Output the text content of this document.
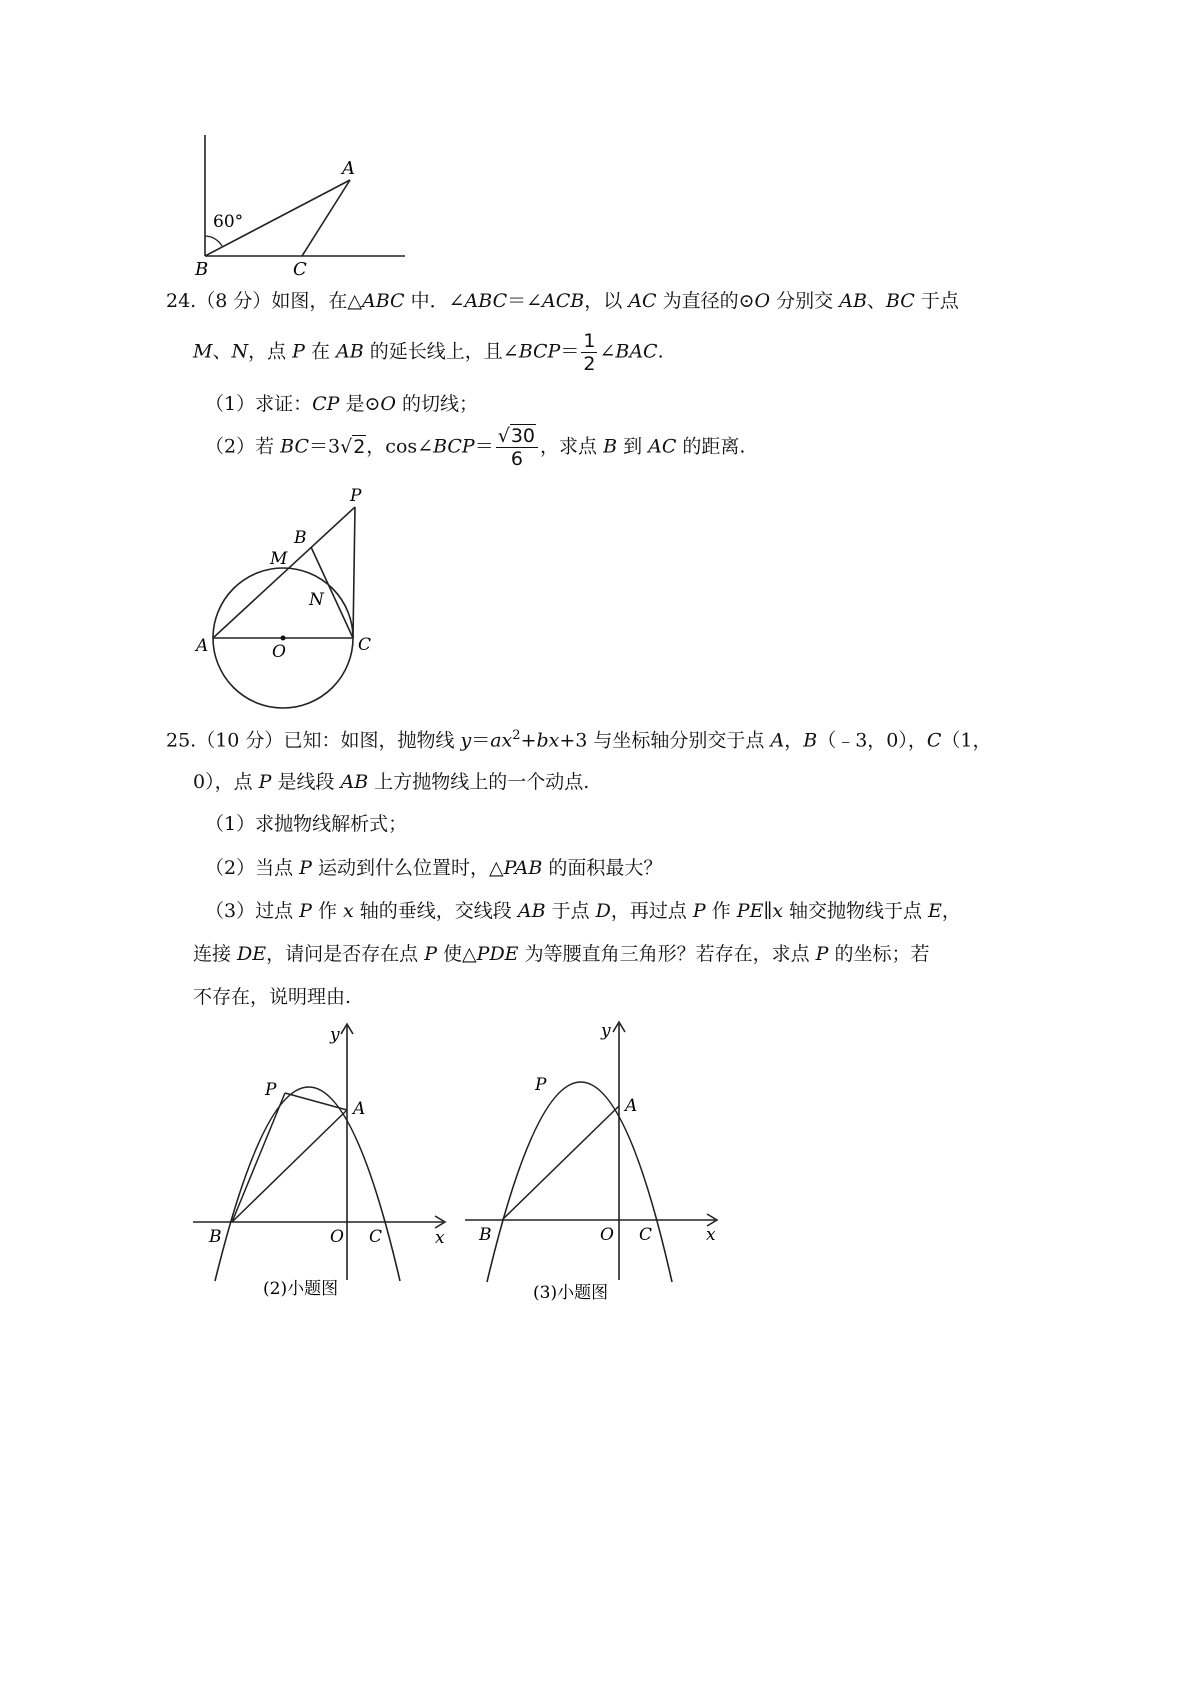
60°
A
B	C
24.（8 分）如图，在△ABC 中．∠ABC＝∠ACB，以 AC 为直径的⊙O 分别交 AB、BC 于点
M、N，点 P 在 AB 的延长线上，且∠BCP＝ $\frac{1}{2}$ ∠BAC.
（1）求证：CP 是⊙O 的切线；
（2）若 BC＝3√2，cos∠BCP＝ $\frac{√30}{6}$ ，求点 B 到 AC 的距离.
P
B
M
N
A	O	C
25.（10 分）已知：如图，抛物线 $y=ax^2+bx+3$ 与坐标轴分别交于点 A，B（﹣3，0），C（1，
0），点 P 是线段 AB 上方抛物线上的一个动点.
（1）求抛物线解析式；
（2）当点 P 运动到什么位置时，△PAB 的面积最大？
（3）过点 P 作 x 轴的垂线，交线段 AB 于点 D，再过点 P 作 PE∥x 轴交抛物线于点 E，
连接 DE，请问是否存在点 P 使△PDE 为等腰直角三角形？若存在，求点 P 的坐标；若
不存在，说明理由.
y
x
P
A
B	O C
(2)小题图
y
x
P
A
B	O C
(3)小题图
